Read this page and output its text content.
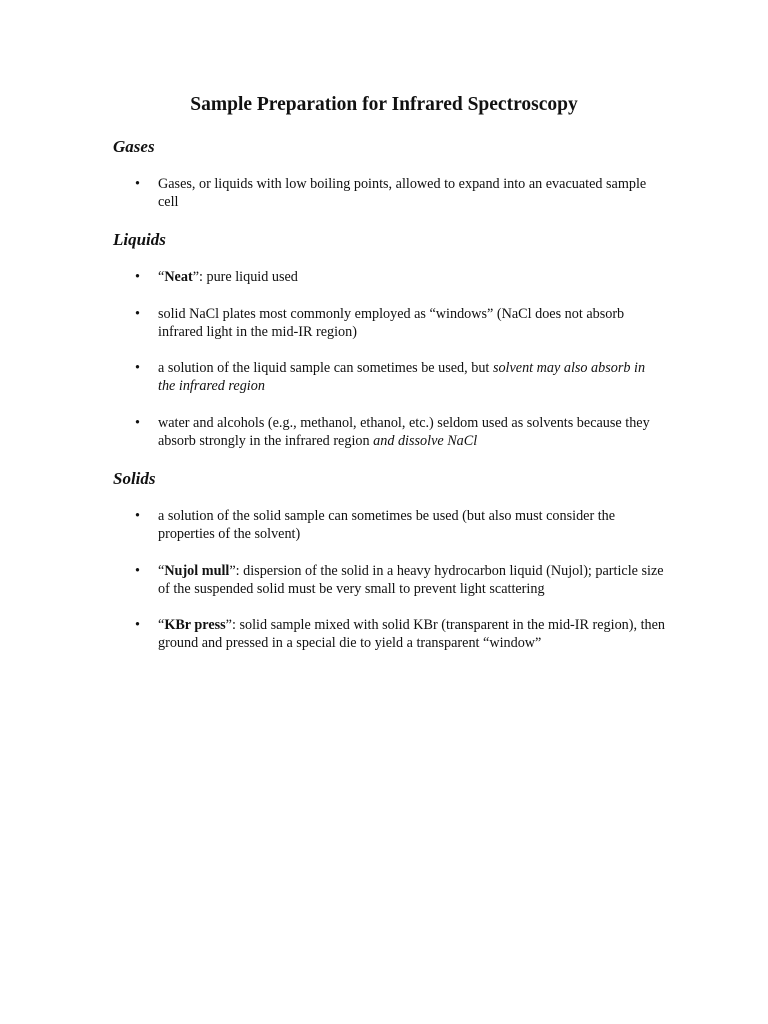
Sample Preparation for Infrared Spectroscopy
Gases

•	Gases, or liquids with low boiling points, allowed to expand into an evacuated sample cell

Liquids

•	“Neat”: pure liquid used

•	solid NaCl plates most commonly employed as “windows” (NaCl does not absorb infrared light in the mid-IR region)

•	a solution of the liquid sample can sometimes be used, but solvent may also absorb in the infrared region

•	water and alcohols (e.g., methanol, ethanol, etc.) seldom used as solvents because they absorb strongly in the infrared region and dissolve NaCl

Solids

•	a solution of the solid sample can sometimes be used (but also must consider the properties of the solvent)

•	“Nujol mull”: dispersion of the solid in a heavy hydrocarbon liquid (Nujol); particle size of the suspended solid must be very small to prevent light scattering

•	“KBr press”: solid sample mixed with solid KBr (transparent in the mid-IR region), then ground and pressed in a special die to yield a transparent “window”
